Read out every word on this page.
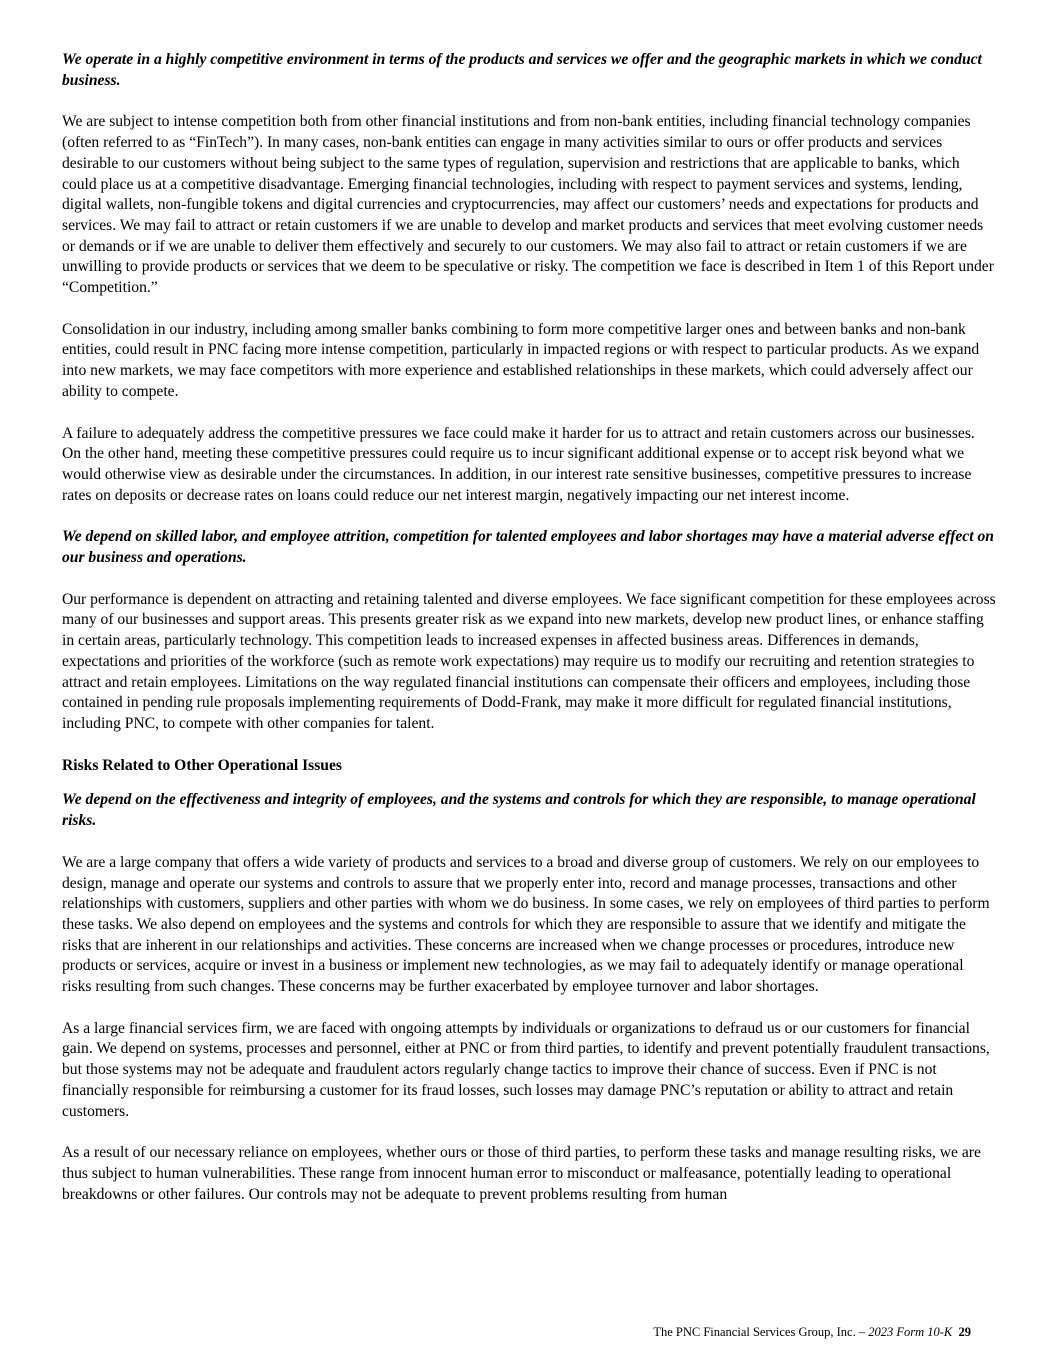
We operate in a highly competitive environment in terms of the products and services we offer and the geographic markets in which we conduct business.

We are subject to intense competition both from other financial institutions and from non-bank entities, including financial technology companies (often referred to as “FinTech”). In many cases, non-bank entities can engage in many activities similar to ours or offer products and services desirable to our customers without being subject to the same types of regulation, supervision and restrictions that are applicable to banks, which could place us at a competitive disadvantage. Emerging financial technologies, including with respect to payment services and systems, lending, digital wallets, non-fungible tokens and digital currencies and cryptocurrencies, may affect our customers’ needs and expectations for products and services. We may fail to attract or retain customers if we are unable to develop and market products and services that meet evolving customer needs or demands or if we are unable to deliver them effectively and securely to our customers. We may also fail to attract or retain customers if we are unwilling to provide products or services that we deem to be speculative or risky. The competition we face is described in Item 1 of this Report under “Competition.”

Consolidation in our industry, including among smaller banks combining to form more competitive larger ones and between banks and non-bank entities, could result in PNC facing more intense competition, particularly in impacted regions or with respect to particular products. As we expand into new markets, we may face competitors with more experience and established relationships in these markets, which could adversely affect our ability to compete.

A failure to adequately address the competitive pressures we face could make it harder for us to attract and retain customers across our businesses. On the other hand, meeting these competitive pressures could require us to incur significant additional expense or to accept risk beyond what we would otherwise view as desirable under the circumstances. In addition, in our interest rate sensitive businesses, competitive pressures to increase rates on deposits or decrease rates on loans could reduce our net interest margin, negatively impacting our net interest income.

We depend on skilled labor, and employee attrition, competition for talented employees and labor shortages may have a material adverse effect on our business and operations.

Our performance is dependent on attracting and retaining talented and diverse employees. We face significant competition for these employees across many of our businesses and support areas. This presents greater risk as we expand into new markets, develop new product lines, or enhance staffing in certain areas, particularly technology. This competition leads to increased expenses in affected business areas. Differences in demands, expectations and priorities of the workforce (such as remote work expectations) may require us to modify our recruiting and retention strategies to attract and retain employees. Limitations on the way regulated financial institutions can compensate their officers and employees, including those contained in pending rule proposals implementing requirements of Dodd-Frank, may make it more difficult for regulated financial institutions, including PNC, to compete with other companies for talent.

Risks Related to Other Operational Issues

We depend on the effectiveness and integrity of employees, and the systems and controls for which they are responsible, to manage operational risks.

We are a large company that offers a wide variety of products and services to a broad and diverse group of customers. We rely on our employees to design, manage and operate our systems and controls to assure that we properly enter into, record and manage processes, transactions and other relationships with customers, suppliers and other parties with whom we do business. In some cases, we rely on employees of third parties to perform these tasks. We also depend on employees and the systems and controls for which they are responsible to assure that we identify and mitigate the risks that are inherent in our relationships and activities. These concerns are increased when we change processes or procedures, introduce new products or services, acquire or invest in a business or implement new technologies, as we may fail to adequately identify or manage operational risks resulting from such changes. These concerns may be further exacerbated by employee turnover and labor shortages.

As a large financial services firm, we are faced with ongoing attempts by individuals or organizations to defraud us or our customers for financial gain. We depend on systems, processes and personnel, either at PNC or from third parties, to identify and prevent potentially fraudulent transactions, but those systems may not be adequate and fraudulent actors regularly change tactics to improve their chance of success. Even if PNC is not financially responsible for reimbursing a customer for its fraud losses, such losses may damage PNC’s reputation or ability to attract and retain customers.

As a result of our necessary reliance on employees, whether ours or those of third parties, to perform these tasks and manage resulting risks, we are thus subject to human vulnerabilities. These range from innocent human error to misconduct or malfeasance, potentially leading to operational breakdowns or other failures. Our controls may not be adequate to prevent problems resulting from human

The PNC Financial Services Group, Inc. – 2023 Form 10-K 29
